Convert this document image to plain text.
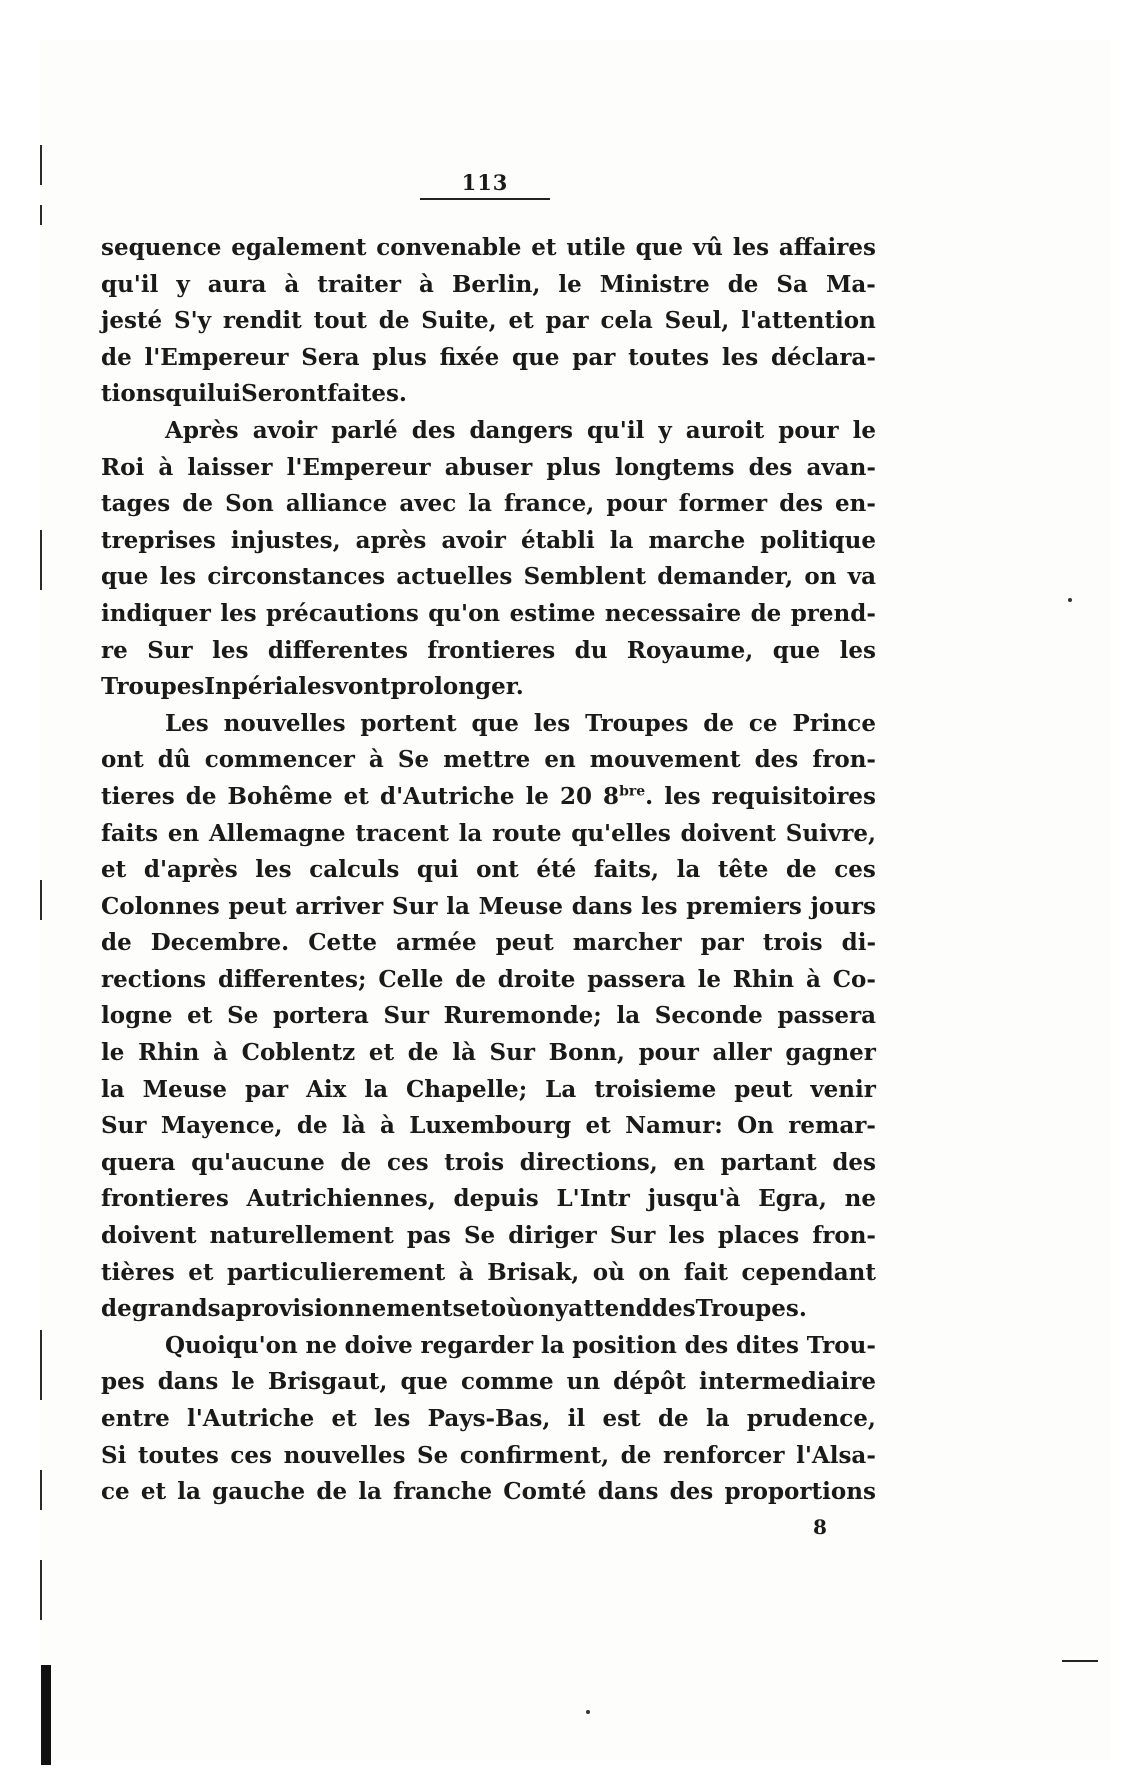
113
sequence egalement convenable et utile que vû les affaires
qu'il y aura à traiter à Berlin, le Ministre de Sa Ma-
jesté S'y rendit tout de Suite, et par cela Seul, l'attention
de l'Empereur Sera plus fixée que par toutes les déclara-
tions qui lui Seront faites.
Après avoir parlé des dangers qu'il y auroit pour le
Roi à laisser l'Empereur abuser plus longtems des avan-
tages de Son alliance avec la france, pour former des en-
treprises injustes, après avoir établi la marche politique
que les circonstances actuelles Semblent demander, on va
indiquer les précautions qu'on estime necessaire de prend-
re Sur les differentes frontieres du Royaume, que les
Troupes Inpériales vont prolonger.
Les nouvelles portent que les Troupes de ce Prince
ont dû commencer à Se mettre en mouvement des fron-
tieres de Bohême et d'Autriche le 20 $8^{bre}$. les requisitoires
faits en Allemagne tracent la route qu'elles doivent Suivre,
et d'après les calculs qui ont été faits, la tête de ces
Colonnes peut arriver Sur la Meuse dans les premiers jours
de Decembre. Cette armée peut marcher par trois di-
rections differentes; Celle de droite passera le Rhin à Co-
logne et Se portera Sur Ruremonde; la Seconde passera
le Rhin à Coblentz et de là Sur Bonn, pour aller gagner
la Meuse par Aix la Chapelle; La troisieme peut venir
Sur Mayence, de là à Luxembourg et Namur: On remar-
quera qu'aucune de ces trois directions, en partant des
frontieres Autrichiennes, depuis L'Intr jusqu'à Egra, ne
doivent naturellement pas Se diriger Sur les places fron-
tières et particulierement à Brisak, où on fait cependant
de grands aprovisionnements et où on y attend des Troupes.
Quoiqu'on ne doive regarder la position des dites Trou-
pes dans le Brisgaut, que comme un dépôt intermediaire
entre l'Autriche et les Pays-Bas, il est de la prudence,
Si toutes ces nouvelles Se confirment, de renforcer l'Alsa-
ce et la gauche de la franche Comté dans des proportions
8
